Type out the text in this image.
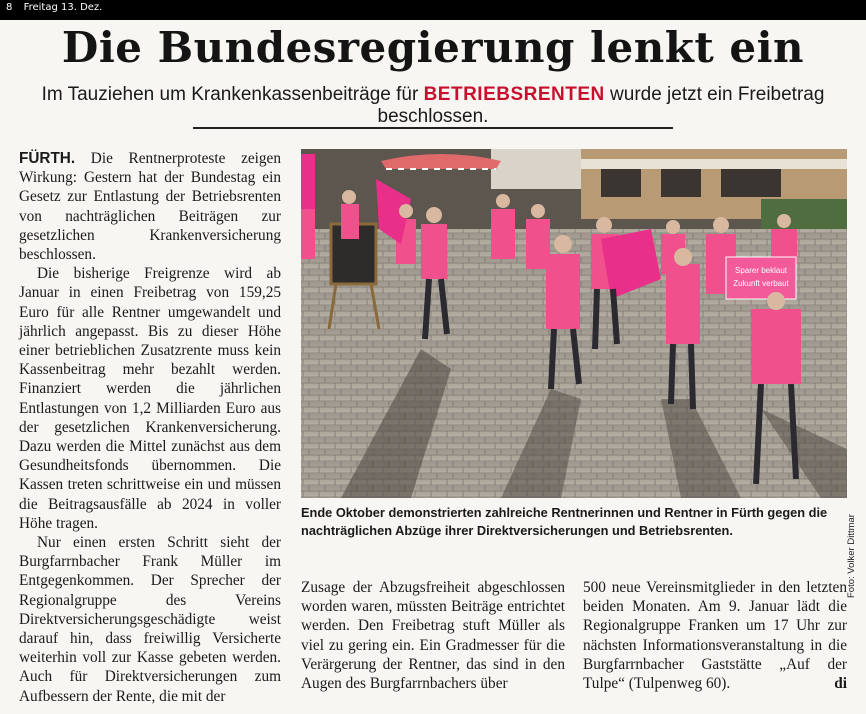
8 Freitag 13. Dez.
Die Bundesregierung lenkt ein
Im Tauziehen um Krankenkassenbeiträge für BETRIEBSRENTEN wurde jetzt ein Freibetrag beschlossen.

FÜRTH. Die Rentnerproteste zeigen Wirkung: Gestern hat der Bundestag ein Gesetz zur Entlastung der Betriebsrenten von nachträglichen Beiträgen zur gesetzlichen Krankenversicherung beschlossen.

Die bisherige Freigrenze wird ab Januar in einen Freibetrag von 159,25 Euro für alle Rentner umgewandelt und jährlich angepasst. Bis zu dieser Höhe einer betrieblichen Zusatzrente muss kein Kassenbeitrag mehr bezahlt werden. Finanziert werden die jährlichen Entlastungen von 1,2 Milliarden Euro aus der gesetzlichen Krankenversicherung. Dazu werden die Mittel zunächst aus dem Gesundheitsfonds übernommen. Die Kassen treten schrittweise ein und müssen die Beitragsausfälle ab 2024 in voller Höhe tragen.

Nur einen ersten Schritt sieht der Burgfarrnbacher Frank Müller im Entgegenkommen. Der Sprecher der Regionalgruppe des Vereins Direktversicherungsgeschädigte weist darauf hin, dass freiwillig Versicherte weiterhin voll zur Kasse gebeten werden. Auch für Direktversicherungen zum Aufbessern der Rente, die mit der

Sparer beklaut
Zukunft verbaut
Foto: Volker Dittmar
Ende Oktober demonstrierten zahlreiche Rentnerinnen und Rentner in Fürth gegen die nachträglichen Abzüge ihrer Direktversicherungen und Betriebsrenten.

Zusage der Abzugsfreiheit abgeschlossen worden waren, müssten Beiträge entrichtet werden. Den Freibetrag stuft Müller als viel zu gering ein. Ein Gradmesser für die Verärgerung der Rentner, das sind in den Augen des Burgfarrnbachers über

500 neue Vereinsmitglieder in den letzten beiden Monaten. Am 9. Januar lädt die Regionalgruppe Franken um 17 Uhr zur nächsten Informationsveranstaltung in die Burgfarrnbacher Gaststätte „Auf der Tulpe“ (Tulpenweg 60).	di
